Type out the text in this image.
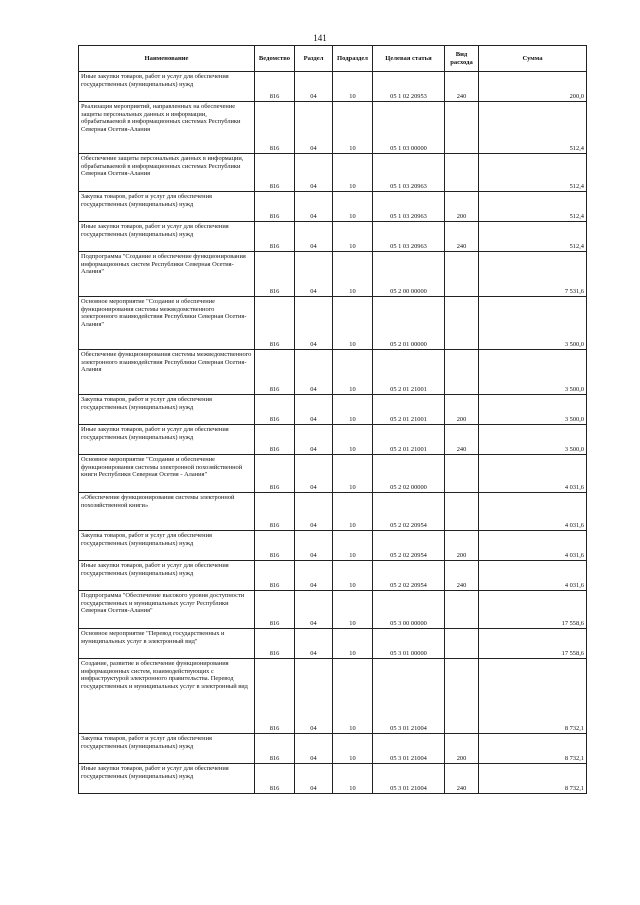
141
Наименование	Ведомство	Раздел	Подраздел	Целевая статья	Вид расхода	Сумма
Иные закупки товаров, работ и услуг для обеспечения государственных (муниципальных) нужд	816	04	10	05 1 02 20953	240	200,0
Реализация мероприятий, направленных на обеспечение защиты персональных данных и информации, обрабатываемой в информационных системах Республики Северная Осетия-Алания	816	04	10	05 1 03 00000		512,4
Обеспечение защиты персональных данных в информации, обрабатываемой в информационных системах Республики Северная Осетия-Алания	816	04	10	05 1 03 20963		512,4
Закупка товаров, работ и услуг для обеспечения государственных (муниципальных) нужд	816	04	10	05 1 03 20963	200	512,4
Иные закупки товаров, работ и услуг для обеспечения государственных (муниципальных) нужд	816	04	10	05 1 03 20963	240	512,4
Подпрограмма "Создание и обеспечение функционирования информационных систем Республики Северная Осетия- Алания"	816	04	10	05 2 00 00000		7 531,6
Основное мероприятие "Создание и обеспечение функционирования системы межведомственного электронного взаимодействия Республики Северная Осетия-Алания"	816	04	10	05 2 01 00000		3 500,0
Обеспечение функционирования системы межведомственного электронного взаимодействия Республики Северная Осетия-Алания	816	04	10	05 2 01 21001		3 500,0
Закупка товаров, работ и услуг для обеспечения государственных (муниципальных) нужд	816	04	10	05 2 01 21001	200	3 500,0
Иные закупки товаров, работ и услуг для обеспечения государственных (муниципальных) нужд	816	04	10	05 2 01 21001	240	3 500,0
Основное мероприятие "Создание и обеспечение функционирования системы электронной похозяйственной книги Республики Северная Осетия - Алания"	816	04	10	05 2 02 00000		4 031,6
«Обеспечение функционирования системы электронной похозяйственной книги»	816	04	10	05 2 02 20954		4 031,6
Закупка товаров, работ и услуг для обеспечения государственных (муниципальных) нужд	816	04	10	05 2 02 20954	200	4 031,6
Иные закупки товаров, работ и услуг для обеспечения государственных (муниципальных) нужд	816	04	10	05 2 02 20954	240	4 031,6
Подпрограмма "Обеспечение высокого уровня доступности государственных и муниципальных услуг Республики Северная Осетия-Алания"	816	04	10	05 3 00 00000		17 558,6
Основное мероприятие "Перевод государственных и муниципальных услуг в электронный вид"	816	04	10	05 3 01 00000		17 558,6
Создание, развитие и обеспечение функционирования информационных систем, взаимодействующих с инфраструктурой электронного правительства. Перевод государственных и муниципальных услуг в электронный вид	816	04	10	05 3 01 21004		8 732,1
Закупка товаров, работ и услуг для обеспечения государственных (муниципальных) нужд	816	04	10	05 3 01 21004	200	8 732,1
Иные закупки товаров, работ и услуг для обеспечения государственных (муниципальных) нужд	816	04	10	05 3 01 21004	240	8 732,1
